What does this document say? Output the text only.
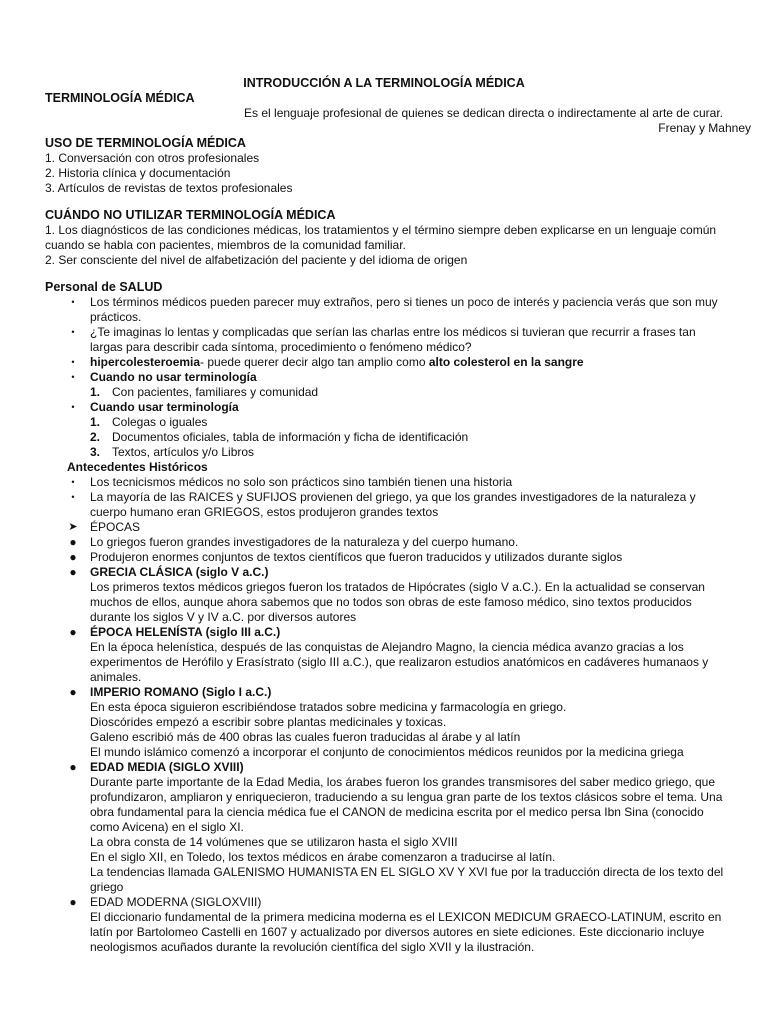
INTRODUCCIÓN A LA TERMINOLOGÍA MÉDICA
TERMINOLOGÍA MÉDICA
Es el lenguaje profesional de quienes se dedican directa o indirectamente al arte de curar.
Frenay y Mahney
USO DE TERMINOLOGÍA MÉDICA
1. Conversación con otros profesionales
2. Historia clínica y documentación
3. Artículos de revistas de textos profesionales
CUÁNDO NO UTILIZAR TERMINOLOGÍA MÉDICA
1. Los diagnósticos de las condiciones médicas, los tratamientos y el término siempre deben explicarse en un lenguaje común cuando se habla con pacientes, miembros de la comunidad familiar.
2. Ser consciente del nivel de alfabetización del paciente y del idioma de origen
Personal de SALUD
•	Los términos médicos pueden parecer muy extraños, pero si tienes un poco de interés y paciencia verás que son muy prácticos.
•	¿Te imaginas lo lentas y complicadas que serían las charlas entre los médicos si tuvieran que recurrir a frases tan largas para describir cada síntoma, procedimiento o fenómeno médico?
•	hipercolesteroemia- puede querer decir algo tan amplio como alto colesterol en la sangre
•	Cuando no usar terminología
1. Con pacientes, familiares y comunidad
•	Cuando usar terminología
1. Colegas o iguales
2. Documentos oficiales, tabla de información y ficha de identificación
3. Textos, artículos y/o Libros
Antecedentes Históricos
•	Los tecnicismos médicos no solo son prácticos sino también tienen una historia
•	La mayoría de las RAICES y SUFIJOS provienen del griego, ya que los grandes investigadores de la naturaleza y cuerpo humano eran GRIEGOS, estos produjeron grandes textos
➤ ÉPOCAS
● Lo griegos fueron grandes investigadores de la naturaleza y del cuerpo humano.
● Produjeron enormes conjuntos de textos científicos que fueron traducidos y utilizados durante siglos
● GRECIA CLÁSICA (siglo V a.C.)
Los primeros textos médicos griegos fueron los tratados de Hipócrates (siglo V a.C.). En la actualidad se conservan muchos de ellos, aunque ahora sabemos que no todos son obras de este famoso médico, sino textos producidos durante los siglos V y IV a.C. por diversos autores
● ÉPOCA HELENÍSTA (siglo III a.C.)
En la época helenística, después de las conquistas de Alejandro Magno, la ciencia médica avanzo gracias a los experimentos de Herófilo y Erasístrato (siglo III a.C.), que realizaron estudios anatómicos en cadáveres humanaos y animales.
● IMPERIO ROMANO (Siglo I a.C.)
En esta época siguieron escribiéndose tratados sobre medicina y farmacología en griego.
Dioscórides empezó a escribir sobre plantas medicinales y toxicas.
Galeno escribió más de 400 obras las cuales fueron traducidas al árabe y al latín
El mundo islámico comenzó a incorporar el conjunto de conocimientos médicos reunidos por la medicina griega
● EDAD MEDIA (SIGLO XVIII)
Durante parte importante de la Edad Media, los árabes fueron los grandes transmisores del saber medico griego, que profundizaron, ampliaron y enriquecieron, traduciendo a su lengua gran parte de los textos clásicos sobre el tema. Una obra fundamental para la ciencia médica fue el CANON de medicina escrita por el medico persa Ibn Sina (conocido como Avicena) en el siglo XI.
La obra consta de 14 volúmenes que se utilizaron hasta el siglo XVIII
En el siglo XII, en Toledo, los textos médicos en árabe comenzaron a traducirse al latín.
La tendencias llamada GALENISMO HUMANISTA EN EL SIGLO XV Y XVI fue por la traducción directa de los texto del griego
● EDAD MODERNA (SIGLOXVIII)
El diccionario fundamental de la primera medicina moderna es el LEXICON MEDICUM GRAECO-LATINUM, escrito en latín por Bartolomeo Castelli en 1607 y actualizado por diversos autores en siete ediciones. Este diccionario incluye neologismos acuñados durante la revolución científica del siglo XVII y la ilustración.
